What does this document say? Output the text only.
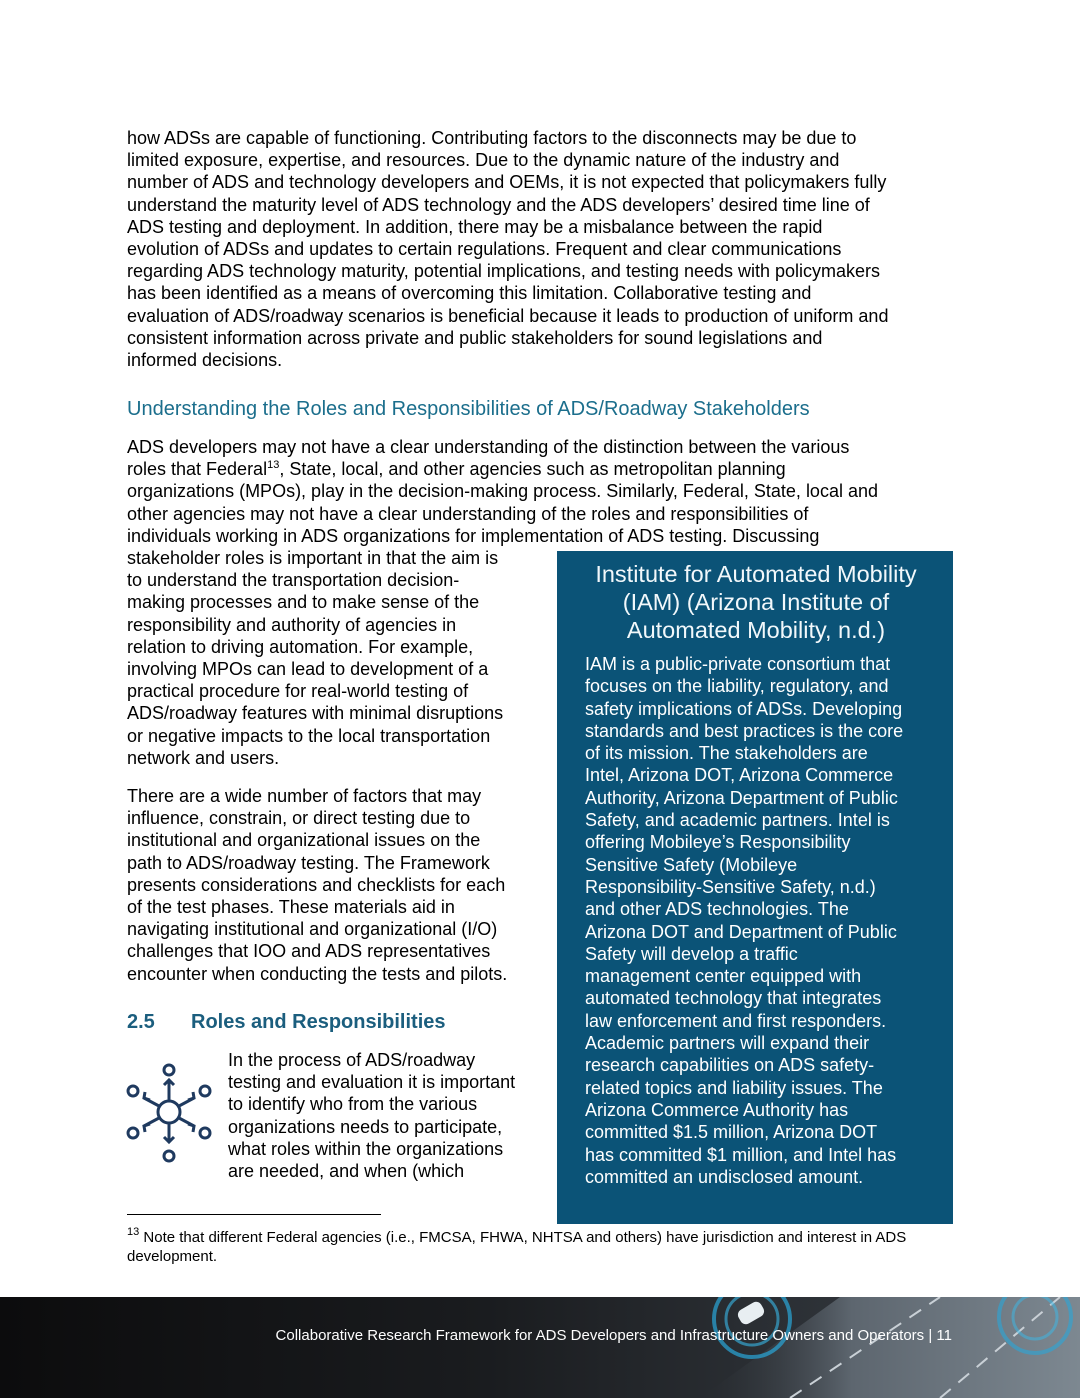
how ADSs are capable of functioning. Contributing factors to the disconnects may be due to
limited exposure, expertise, and resources. Due to the dynamic nature of the industry and
number of ADS and technology developers and OEMs, it is not expected that policymakers fully
understand the maturity level of ADS technology and the ADS developers’ desired time line of
ADS testing and deployment. In addition, there may be a misbalance between the rapid
evolution of ADSs and updates to certain regulations. Frequent and clear communications
regarding ADS technology maturity, potential implications, and testing needs with policymakers
has been identified as a means of overcoming this limitation. Collaborative testing and
evaluation of ADS/roadway scenarios is beneficial because it leads to production of uniform and
consistent information across private and public stakeholders for sound legislations and
informed decisions.
Understanding the Roles and Responsibilities of ADS/Roadway Stakeholders
ADS developers may not have a clear understanding of the distinction between the various
roles that Federal$^{13}$, State, local, and other agencies such as metropolitan planning
organizations (MPOs), play in the decision-making process. Similarly, Federal, State, local and
other agencies may not have a clear understanding of the roles and responsibilities of
individuals working in ADS organizations for implementation of ADS testing. Discussing
stakeholder roles is important in that the aim is
to understand the transportation decision-
making processes and to make sense of the
responsibility and authority of agencies in
relation to driving automation. For example,
involving MPOs can lead to development of a
practical procedure for real-world testing of
ADS/roadway features with minimal disruptions
or negative impacts to the local transportation
network and users.
There are a wide number of factors that may
influence, constrain, or direct testing due to
institutional and organizational issues on the
path to ADS/roadway testing. The Framework
presents considerations and checklists for each
of the test phases. These materials aid in
navigating institutional and organizational (I/O)
challenges that IOO and ADS representatives
encounter when conducting the tests and pilots.
2.5 Roles and Responsibilities
In the process of ADS/roadway
testing and evaluation it is important
to identify who from the various
organizations needs to participate,
what roles within the organizations
are needed, and when (which
Institute for Automated Mobility
(IAM) (Arizona Institute of
Automated Mobility, n.d.)
IAM is a public-private consortium that
focuses on the liability, regulatory, and
safety implications of ADSs. Developing
standards and best practices is the core
of its mission. The stakeholders are
Intel, Arizona DOT, Arizona Commerce
Authority, Arizona Department of Public
Safety, and academic partners. Intel is
offering Mobileye’s Responsibility
Sensitive Safety (Mobileye
Responsibility-Sensitive Safety, n.d.)
and other ADS technologies. The
Arizona DOT and Department of Public
Safety will develop a traffic
management center equipped with
automated technology that integrates
law enforcement and first responders.
Academic partners will expand their
research capabilities on ADS safety-
related topics and liability issues. The
Arizona Commerce Authority has
committed $1.5 million, Arizona DOT
has committed $1 million, and Intel has
committed an undisclosed amount.
$^{13}$ Note that different Federal agencies (i.e., FMCSA, FHWA, NHTSA and others) have jurisdiction and interest in ADS development.

Collaborative Research Framework for ADS Developers and Infrastructure Owners and Operators | 11
